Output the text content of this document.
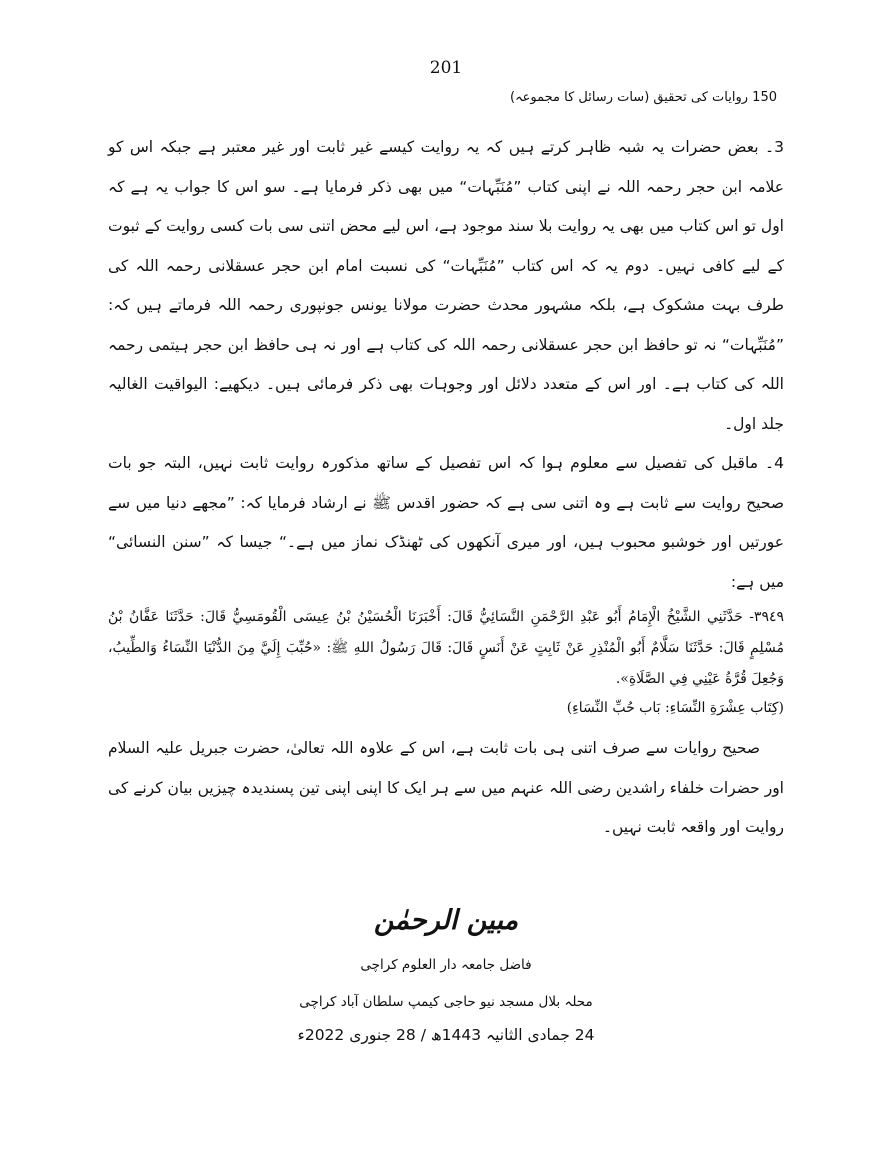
201
150 روایات کی تحقیق (سات رسائل کا مجموعہ)

3۔ بعض حضرات یہ شبہ ظاہر کرتے ہیں کہ یہ روایت کیسے غیر ثابت اور غیر معتبر ہے جبکہ اس کو علامہ ابن حجر رحمہ اللہ نے اپنی کتاب ”مُنَبِّہات“ میں بھی ذکر فرمایا ہے۔ سو اس کا جواب یہ ہے کہ اول تو اس کتاب میں بھی یہ روایت بلا سند موجود ہے، اس لیے محض اتنی سی بات کسی روایت کے ثبوت کے لیے کافی نہیں۔ دوم یہ کہ اس کتاب ”مُنَبِّہات“ کی نسبت امام ابن حجر عسقلانی رحمہ اللہ کی طرف بہت مشکوک ہے، بلکہ مشہور محدث حضرت مولانا یونس جونپوری رحمہ اللہ فرماتے ہیں کہ: ”مُنَبِّہات“ نہ تو حافظ ابن حجر عسقلانی رحمہ اللہ کی کتاب ہے اور نہ ہی حافظ ابن حجر ہیتمی رحمہ اللہ کی کتاب ہے۔ اور اس کے متعدد دلائل اور وجوہات بھی ذکر فرمائی ہیں۔ دیکھیے: الیواقیت الغالیہ جلد اول۔

4۔ ماقبل کی تفصیل سے معلوم ہوا کہ اس تفصیل کے ساتھ مذکورہ روایت ثابت نہیں، البتہ جو بات صحیح روایت سے ثابت ہے وہ اتنی سی ہے کہ حضور اقدس ﷺ نے ارشاد فرمایا کہ: ”مجھے دنیا میں سے عورتیں اور خوشبو محبوب ہیں، اور میری آنکھوں کی ٹھنڈک نماز میں ہے۔“ جیسا کہ ”سنن النسائی“ میں ہے:

٣٩٤٩- حَدَّثَنِي الشَّيْخُ الْإِمَامُ أَبُو عَبْدِ الرَّحْمَنِ النَّسَائِيُّ قَالَ: أَخْبَرَنَا الْحُسَيْنُ بْنُ عِيسَى الْقُومَسِيُّ قَالَ: حَدَّثَنَا عَفَّانُ بْنُ مُسْلِمٍ قَالَ: حَدَّثَنَا سَلَّامٌ أَبُو الْمُنْذِرِ عَنْ ثَابِتٍ عَنْ أَنَسٍ قَالَ: قَالَ رَسُولُ اللهِ ﷺ: «حُبِّبَ إِلَيَّ مِنَ الدُّنْيَا النِّسَاءُ وَالطِّيبُ، وَجُعِلَ قُرَّةُ عَيْنِي فِي الصَّلَاةِ».

(كِتَاب عِشْرَةِ النِّسَاءِ: بَاب حُبِّ النِّسَاءِ)

صحیح روایات سے صرف اتنی ہی بات ثابت ہے، اس کے علاوہ اللہ تعالیٰ، حضرت جبریل علیہ السلام اور حضرات خلفاء راشدین رضی اللہ عنہم میں سے ہر ایک کا اپنی اپنی تین پسندیدہ چیزیں بیان کرنے کی روایت اور واقعہ ثابت نہیں۔

مبین الرحمٰن
فاضل جامعہ دار العلوم کراچی
محلہ بلال مسجد نیو حاجی کیمپ سلطان آباد کراچی
24 جمادی الثانیہ 1443ھ / 28 جنوری 2022ء
